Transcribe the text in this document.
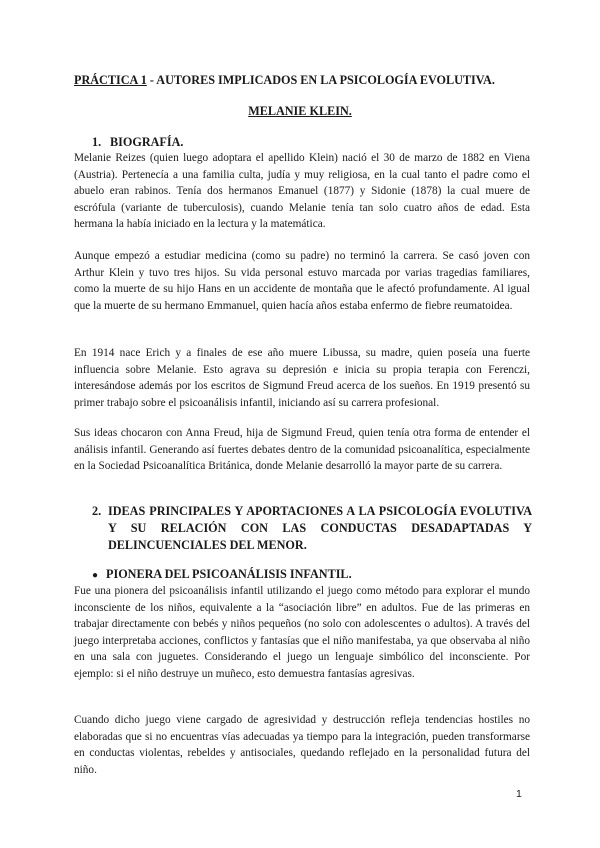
PRÁCTICA 1 - AUTORES IMPLICADOS EN LA PSICOLOGÍA EVOLUTIVA.
MELANIE KLEIN.
1. BIOGRAFÍA.
Melanie Reizes (quien luego adoptara el apellido Klein) nació el 30 de marzo de 1882 en Viena (Austria). Pertenecía a una familia culta, judía y muy religiosa, en la cual tanto el padre como el abuelo eran rabinos. Tenía dos hermanos Emanuel (1877) y Sidonie (1878) la cual muere de escrófula (variante de tuberculosis), cuando Melanie tenía tan solo cuatro años de edad. Esta hermana la había iniciado en la lectura y la matemática.
Aunque empezó a estudiar medicina (como su padre) no terminó la carrera. Se casó joven con Arthur Klein y tuvo tres hijos. Su vida personal estuvo marcada por varias tragedias familiares, como la muerte de su hijo Hans en un accidente de montaña que le afectó profundamente. Al igual que la muerte de su hermano Emmanuel, quien hacía años estaba enfermo de fiebre reumatoidea.
En 1914 nace Erich y a finales de ese año muere Libussa, su madre, quien poseía una fuerte influencia sobre Melanie. Esto agrava su depresión e inicia su propia terapia con Ferenczi, interesándose además por los escritos de Sigmund Freud acerca de los sueños. En 1919 presentó su primer trabajo sobre el psicoanálisis infantil, iniciando así su carrera profesional.
Sus ideas chocaron con Anna Freud, hija de Sigmund Freud, quien tenía otra forma de entender el análisis infantil. Generando así fuertes debates dentro de la comunidad psicoanalítica, especialmente en la Sociedad Psicoanalítica Británica, donde Melanie desarrolló la mayor parte de su carrera.
2. IDEAS PRINCIPALES Y APORTACIONES A LA PSICOLOGÍA EVOLUTIVA Y SU RELACIÓN CON LAS CONDUCTAS DESADAPTADAS Y DELINCUENCIALES DEL MENOR.
● PIONERA DEL PSICOANÁLISIS INFANTIL.
Fue una pionera del psicoanálisis infantil utilizando el juego como método para explorar el mundo inconsciente de los niños, equivalente a la “asociación libre” en adultos. Fue de las primeras en trabajar directamente con bebés y niños pequeños (no solo con adolescentes o adultos). A través del juego interpretaba acciones, conflictos y fantasías que el niño manifestaba, ya que observaba al niño en una sala con juguetes. Considerando el juego un lenguaje simbólico del inconsciente. Por ejemplo: si el niño destruye un muñeco, esto demuestra fantasías agresivas.
Cuando dicho juego viene cargado de agresividad y destrucción refleja tendencias hostiles no elaboradas que si no encuentras vías adecuadas ya tiempo para la integración, pueden transformarse en conductas violentas, rebeldes y antisociales, quedando reflejado en la personalidad futura del niño.
1
